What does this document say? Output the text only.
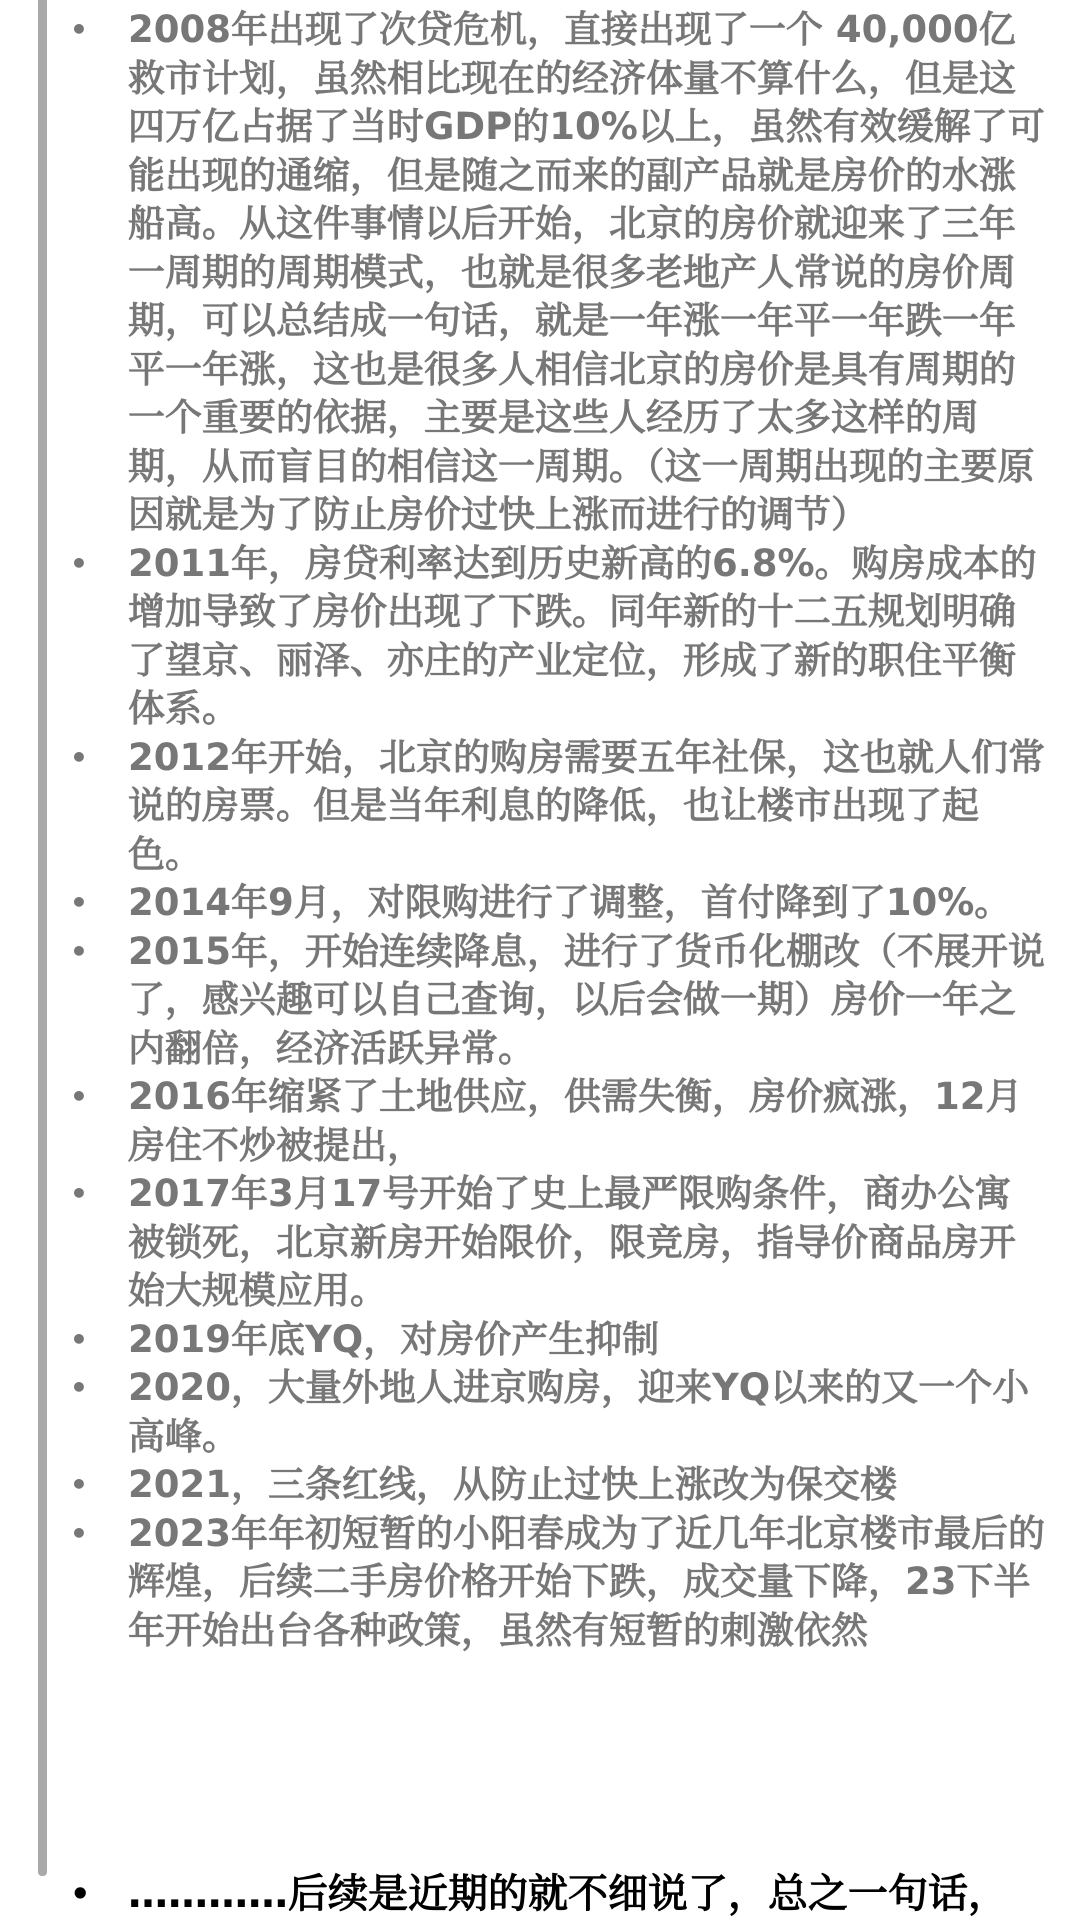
• 2008年出现了次贷危机，直接出现了一个 40,000亿救市计划，虽然相比现在的经济体量不算什么，但是这四万亿占据了当时GDP的10%以上，虽然有效缓解了可能出现的通缩，但是随之而来的副产品就是房价的水涨船高。从这件事情以后开始，北京的房价就迎来了三年一周期的周期模式，也就是很多老地产人常说的房价周期，可以总结成一句话，就是一年涨一年平一年跌一年平一年涨，这也是很多人相信北京的房价是具有周期的一个重要的依据，主要是这些人经历了太多这样的周期，从而盲目的相信这一周期。（这一周期出现的主要原因就是为了防止房价过快上涨而进行的调节）

• 2011年，房贷利率达到历史新高的6.8%。购房成本的增加导致了房价出现了下跌。同年新的十二五规划明确了望京、丽泽、亦庄的产业定位，形成了新的职住平衡体系。

• 2012年开始，北京的购房需要五年社保，这也就人们常说的房票。但是当年利息的降低，也让楼市出现了起色。

• 2014年9月，对限购进行了调整，首付降到了10%。

• 2015年，开始连续降息，进行了货币化棚改（不展开说了，感兴趣可以自己查询，以后会做一期）房价一年之内翻倍，经济活跃异常。

• 2016年缩紧了土地供应，供需失衡，房价疯涨，12月房住不炒被提出，

• 2017年3月17号开始了史上最严限购条件，商办公寓被锁死，北京新房开始限价，限竞房，指导价商品房开始大规模应用。

• 2019年底YQ，对房价产生抑制

• 2020，大量外地人进京购房，迎来YQ以来的又一个小高峰。

• 2021，三条红线，从防止过快上涨改为保交楼

• 2023年年初短暂的小阳春成为了近几年北京楼市最后的辉煌，后续二手房价格开始下跌，成交量下降，23下半年开始出台各种政策，虽然有短暂的刺激依然

• …………后续是近期的就不细说了，总之一句话，
